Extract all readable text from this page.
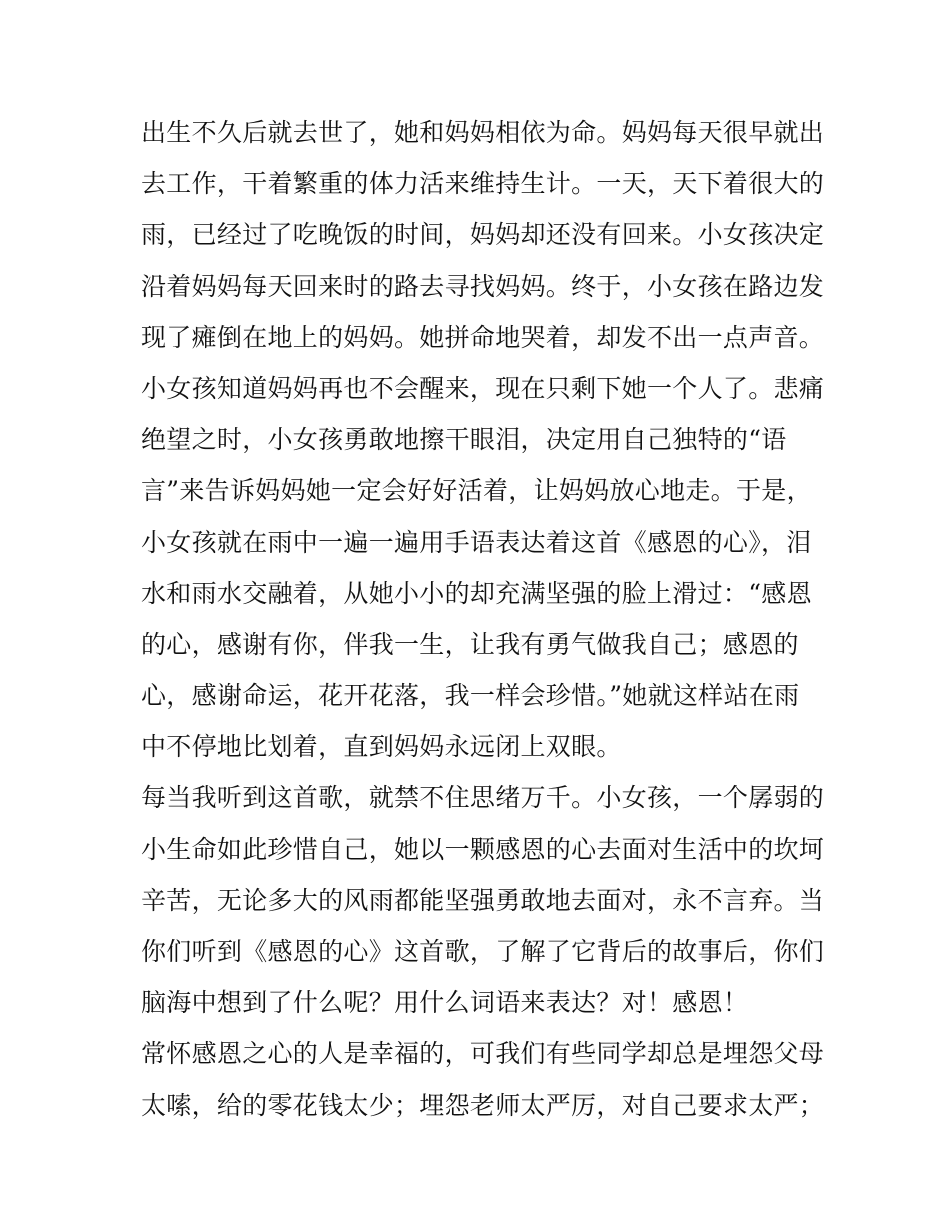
出生不久后就去世了，她和妈妈相依为命。妈妈每天很早就出
去工作，干着繁重的体力活来维持生计。一天，天下着很大的
雨，已经过了吃晚饭的时间，妈妈却还没有回来。小女孩决定
沿着妈妈每天回来时的路去寻找妈妈。终于，小女孩在路边发
现了瘫倒在地上的妈妈。她拼命地哭着，却发不出一点声音。
小女孩知道妈妈再也不会醒来，现在只剩下她一个人了。悲痛
绝望之时，小女孩勇敢地擦干眼泪，决定用自己独特的“语
言”来告诉妈妈她一定会好好活着，让妈妈放心地走。于是，
小女孩就在雨中一遍一遍用手语表达着这首《感恩的心》，泪
水和雨水交融着，从她小小的却充满坚强的脸上滑过：“感恩
的心，感谢有你，伴我一生，让我有勇气做我自己；感恩的
心，感谢命运，花开花落，我一样会珍惜。”她就这样站在雨
中不停地比划着，直到妈妈永远闭上双眼。
每当我听到这首歌，就禁不住思绪万千。小女孩，一个孱弱的
小生命如此珍惜自己，她以一颗感恩的心去面对生活中的坎坷
辛苦，无论多大的风雨都能坚强勇敢地去面对，永不言弃。当
你们听到《感恩的心》这首歌，了解了它背后的故事后，你们
脑海中想到了什么呢？用什么词语来表达？对！感恩！
常怀感恩之心的人是幸福的，可我们有些同学却总是埋怨父母
太嗦，给的零花钱太少；埋怨老师太严厉，对自己要求太严；
